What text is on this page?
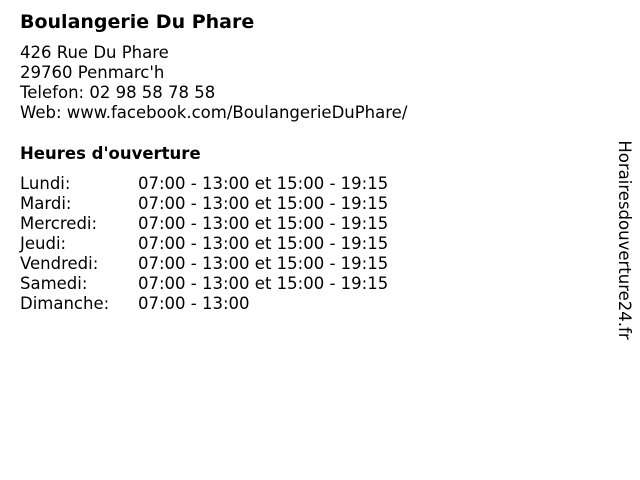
Boulangerie Du Phare
426 Rue Du Phare
29760 Penmarc'h
Telefon: 02 98 58 78 58
Web: www.facebook.com/BoulangerieDuPhare/
Heures d'ouverture
Lundi:	07:00 - 13:00 et 15:00 - 19:15
Mardi:	07:00 - 13:00 et 15:00 - 19:15
Mercredi: 07:00 - 13:00 et 15:00 - 19:15
Jeudi:	07:00 - 13:00 et 15:00 - 19:15
Vendredi: 07:00 - 13:00 et 15:00 - 19:15
Samedi:	07:00 - 13:00 et 15:00 - 19:15
Dimanche: 07:00 - 13:00	Horairesdouverture24.fr
